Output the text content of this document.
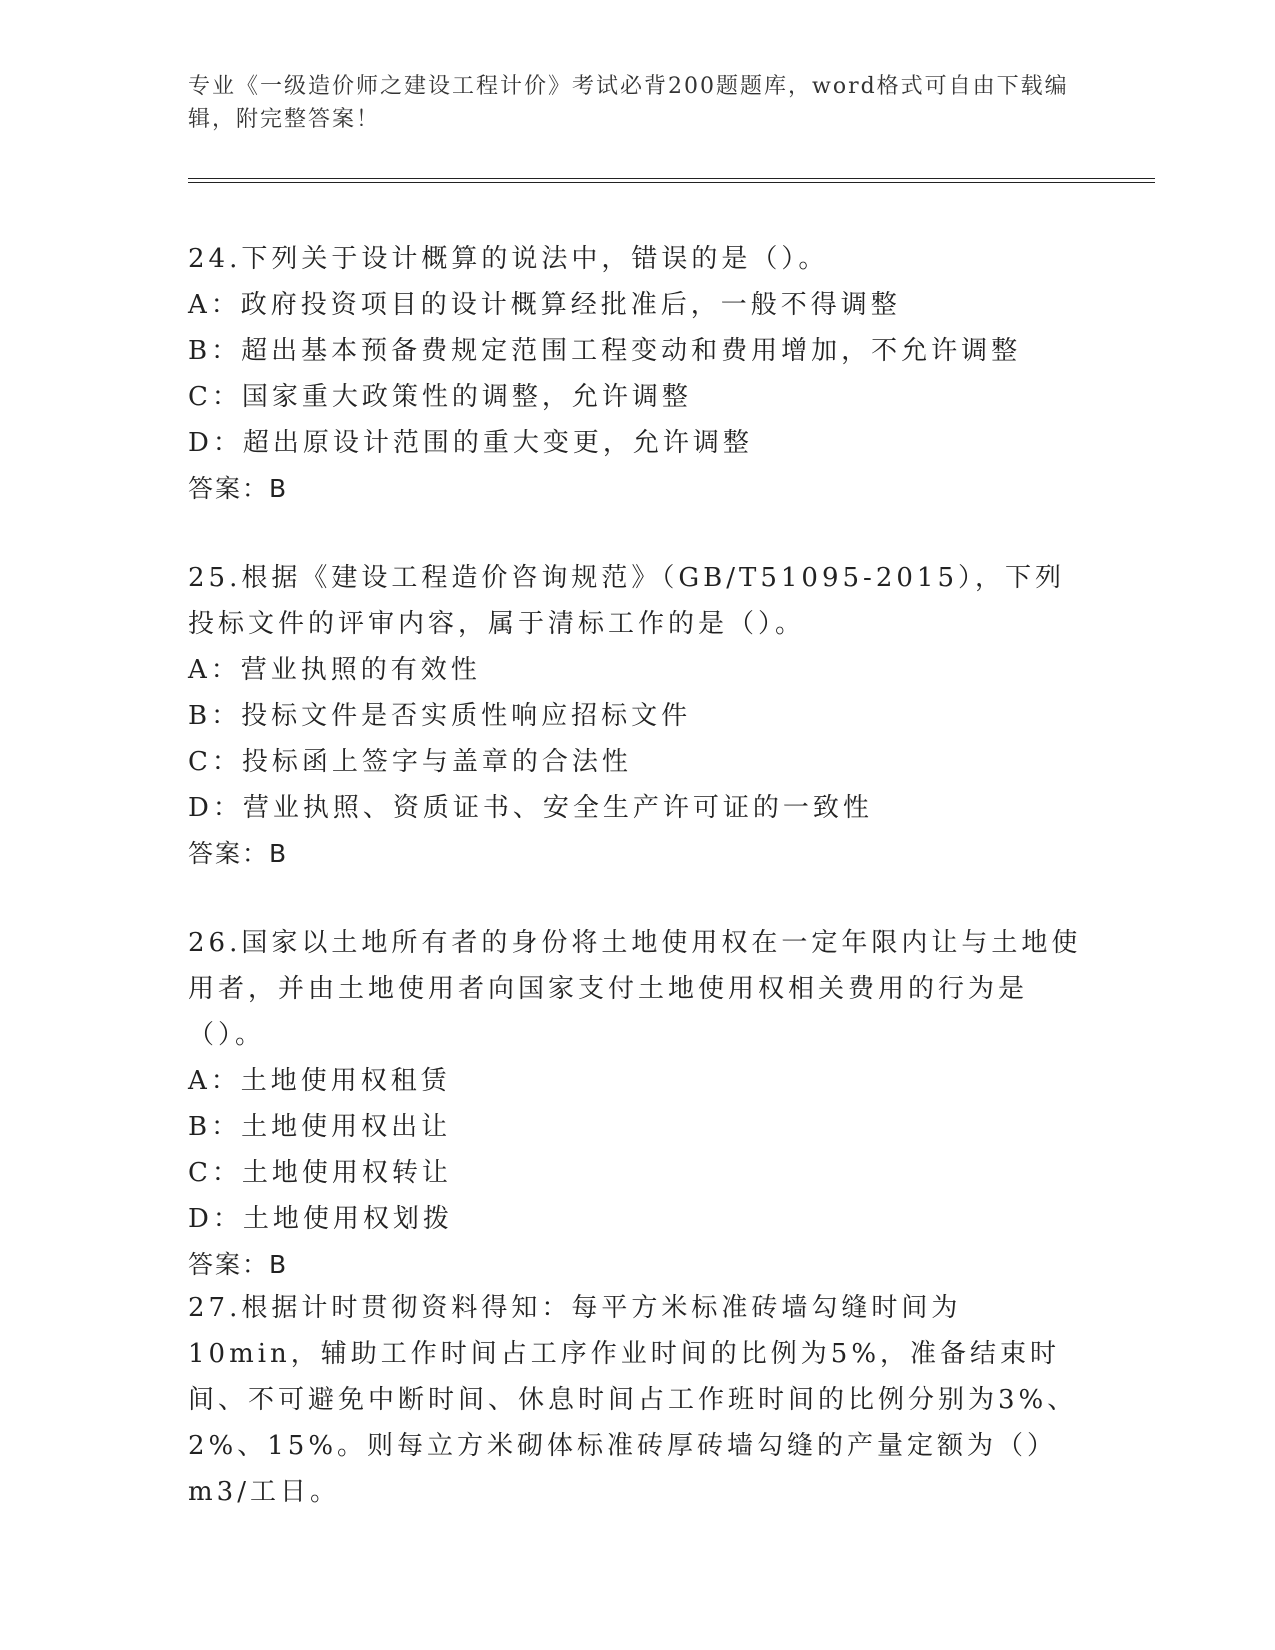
专业《一级造价师之建设工程计价》考试必背200题题库，word格式可自由下载编辑，附完整答案！
24.下列关于设计概算的说法中，错误的是（）。
A：政府投资项目的设计概算经批准后，一般不得调整
B：超出基本预备费规定范围工程变动和费用增加，不允许调整
C：国家重大政策性的调整，允许调整
D：超出原设计范围的重大变更，允许调整
答案：B
25.根据《建设工程造价咨询规范》（GB/T51095-2015），下列投标文件的评审内容，属于清标工作的是（）。
A：营业执照的有效性
B：投标文件是否实质性响应招标文件
C：投标函上签字与盖章的合法性
D：营业执照、资质证书、安全生产许可证的一致性
答案：B
26.国家以土地所有者的身份将土地使用权在一定年限内让与土地使用者，并由土地使用者向国家支付土地使用权相关费用的行为是（）。
A：土地使用权租赁
B：土地使用权出让
C：土地使用权转让
D：土地使用权划拨
答案：B
27.根据计时贯彻资料得知：每平方米标准砖墙勾缝时间为10min，辅助工作时间占工序作业时间的比例为5%，准备结束时间、不可避免中断时间、休息时间占工作班时间的比例分别为3%、2%、15%。则每立方米砌体标准砖厚砖墙勾缝的产量定额为（）m3/工日。
